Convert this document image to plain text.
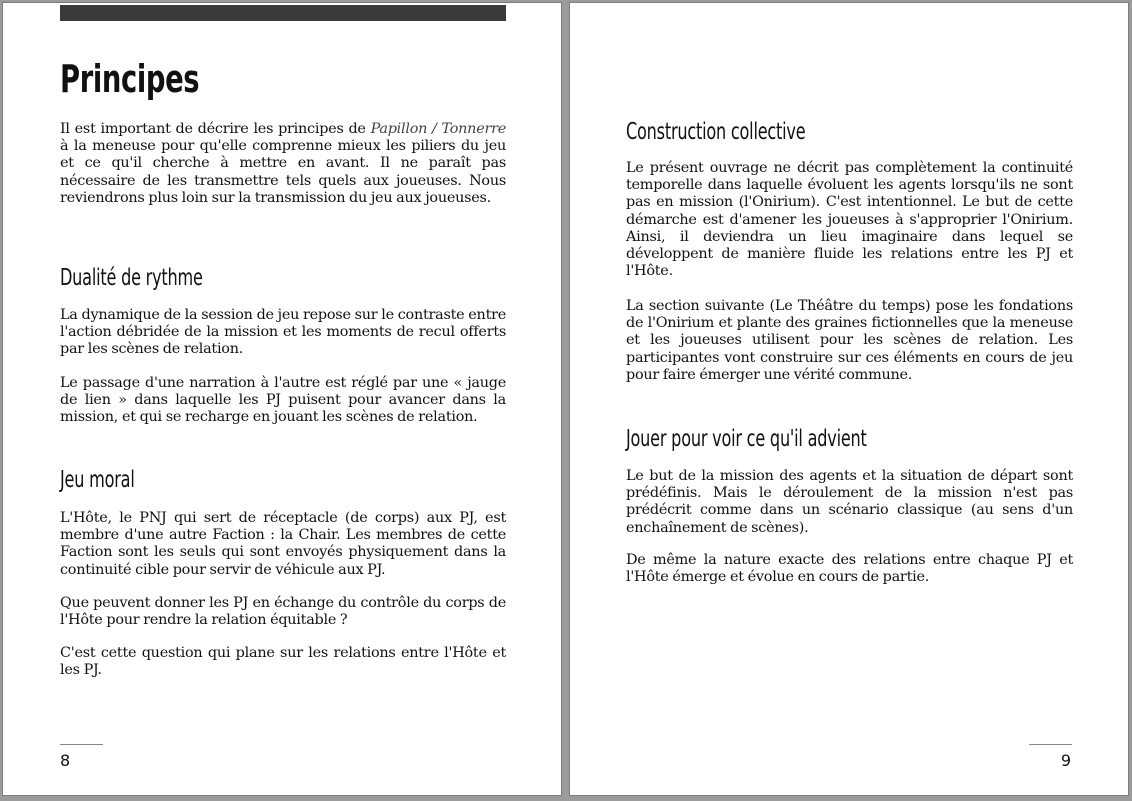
Principes

Il est important de décrire les principes de Papillon / Tonnerre à la meneuse pour qu'elle comprenne mieux les piliers du jeu et ce qu'il cherche à mettre en avant. Il ne paraît pas nécessaire de les transmettre tels quels aux joueuses. Nous reviendrons plus loin sur la transmission du jeu aux joueuses.

Dualité de rythme

La dynamique de la session de jeu repose sur le contraste entre l'action débridée de la mission et les moments de recul offerts par les scènes de relation.

Le passage d'une narration à l'autre est réglé par une « jauge de lien » dans laquelle les PJ puisent pour avancer dans la mission, et qui se recharge en jouant les scènes de relation.

Jeu moral

L'Hôte, le PNJ qui sert de réceptacle (de corps) aux PJ, est membre d'une autre Faction : la Chair. Les membres de cette Faction sont les seuls qui sont envoyés physiquement dans la continuité cible pour servir de véhicule aux PJ.

Que peuvent donner les PJ en échange du contrôle du corps de l'Hôte pour rendre la relation équitable ?

C'est cette question qui plane sur les relations entre l'Hôte et les PJ.

8

Construction collective

Le présent ouvrage ne décrit pas complètement la continuité temporelle dans laquelle évoluent les agents lorsqu'ils ne sont pas en mission (l'Onirium). C'est intentionnel. Le but de cette démarche est d'amener les joueuses à s'approprier l'Onirium. Ainsi, il deviendra un lieu imaginaire dans lequel se développent de manière fluide les relations entre les PJ et l'Hôte.

La section suivante (Le Théâtre du temps) pose les fondations de l'Onirium et plante des graines fictionnelles que la meneuse et les joueuses utilisent pour les scènes de relation. Les participantes vont construire sur ces éléments en cours de jeu pour faire émerger une vérité commune.

Jouer pour voir ce qu'il advient

Le but de la mission des agents et la situation de départ sont prédéfinis. Mais le déroulement de la mission n'est pas prédécrit comme dans un scénario classique (au sens d'un enchaînement de scènes).

De même la nature exacte des relations entre chaque PJ et l'Hôte émerge et évolue en cours de partie.

9
